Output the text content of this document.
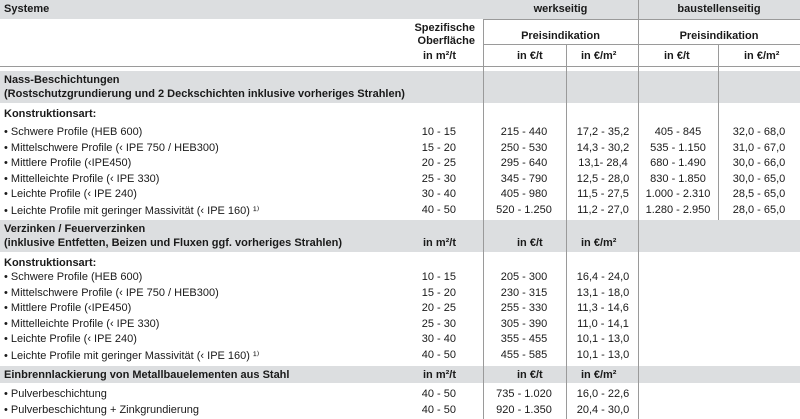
Systeme	werkseitig	baustellenseitig
Spezifische
Oberfläche
in m²/t
Preisindikation	Preisindikation
in €/t	in €/m²	in €/t	in €/m²
Nass-Beschichtungen
(Rostschutzgrundierung und 2 Deckschichten inklusive vorheriges Strahlen)
Konstruktionsart:
• Schwere Profile (HEB 600)	10 - 15	215 - 440	17,2 - 35,2	405 - 845	32,0 - 68,0
• Mittelschwere Profile (‹ IPE 750 / HEB300)	15 - 20	250 - 530	14,3 - 30,2	535 - 1.150	31,0 - 67,0
• Mittlere Profile (‹IPE450)	20 - 25	295 - 640	13,1- 28,4	680 - 1.490	30,0 - 66,0
• Mittelleichte Profile (‹ IPE 330)	25 - 30	345 - 790	12,5 - 28,0	830 - 1.850	30,0 - 65,0
• Leichte Profile (‹ IPE 240)	30 - 40	405 - 980	11,5 - 27,5	1.000 - 2.310	28,5 - 65,0
• Leichte Profile mit geringer Massivität (‹ IPE 160) ¹⁾	40 - 50	520 - 1.250	11,2 - 27,0	1.280 - 2.950	28,0 - 65,0
Verzinken / Feuerverzinken
(inklusive Entfetten, Beizen und Fluxen ggf. vorheriges Strahlen)	in m²/t	in €/t	in €/m²
Konstruktionsart:
• Schwere Profile (HEB 600)	10 - 15	205 - 300	16,4 - 24,0
• Mittelschwere Profile (‹ IPE 750 / HEB300)	15 - 20	230 - 315	13,1 - 18,0
• Mittlere Profile (‹IPE450)	20 - 25	255 - 330	11,3 - 14,6
• Mittelleichte Profile (‹ IPE 330)	25 - 30	305 - 390	11,0 - 14,1
• Leichte Profile (‹ IPE 240)	30 - 40	355 - 455	10,1 - 13,0
• Leichte Profile mit geringer Massivität (‹ IPE 160) ¹⁾	40 - 50	455 - 585	10,1 - 13,0
Einbrennlackierung von Metallbauelementen aus Stahl	in m²/t	in €/t	in €/m²
• Pulverbeschichtung	40 - 50	735 - 1.020	16,0 - 22,6
• Pulverbeschichtung + Zinkgrundierung	40 - 50	920 - 1.350	20,4 - 30,0
